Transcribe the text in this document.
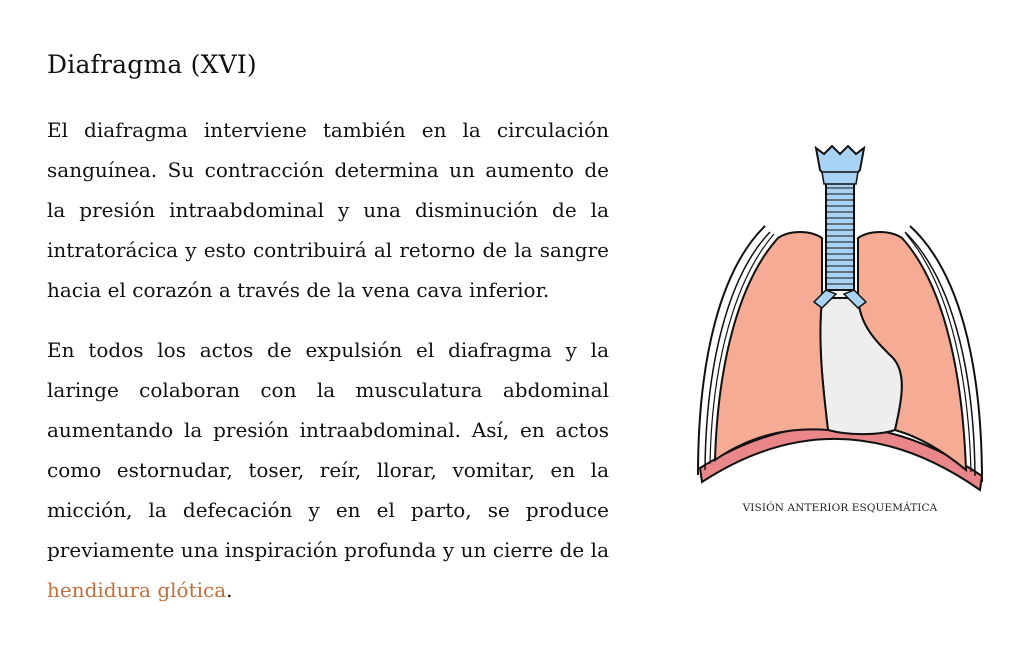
Diafragma (XVI)

El diafragma interviene también en la circulación sanguínea. Su contracción determina un aumento de la presión intraabdominal y una disminución de la intratorácica y esto contribuirá al retorno de la sangre hacia el corazón a través de la vena cava inferior.

En todos los actos de expulsión el diafragma y la laringe colaboran con la musculatura abdominal aumentando la presión intraabdominal. Así, en actos como estornudar, toser, reír, llorar, vomitar, en la micción, la defecación y en el parto, se produce previamente una inspiración profunda y un cierre de la hendidura glótica.

VISIÓN ANTERIOR ESQUEMÁTICA
